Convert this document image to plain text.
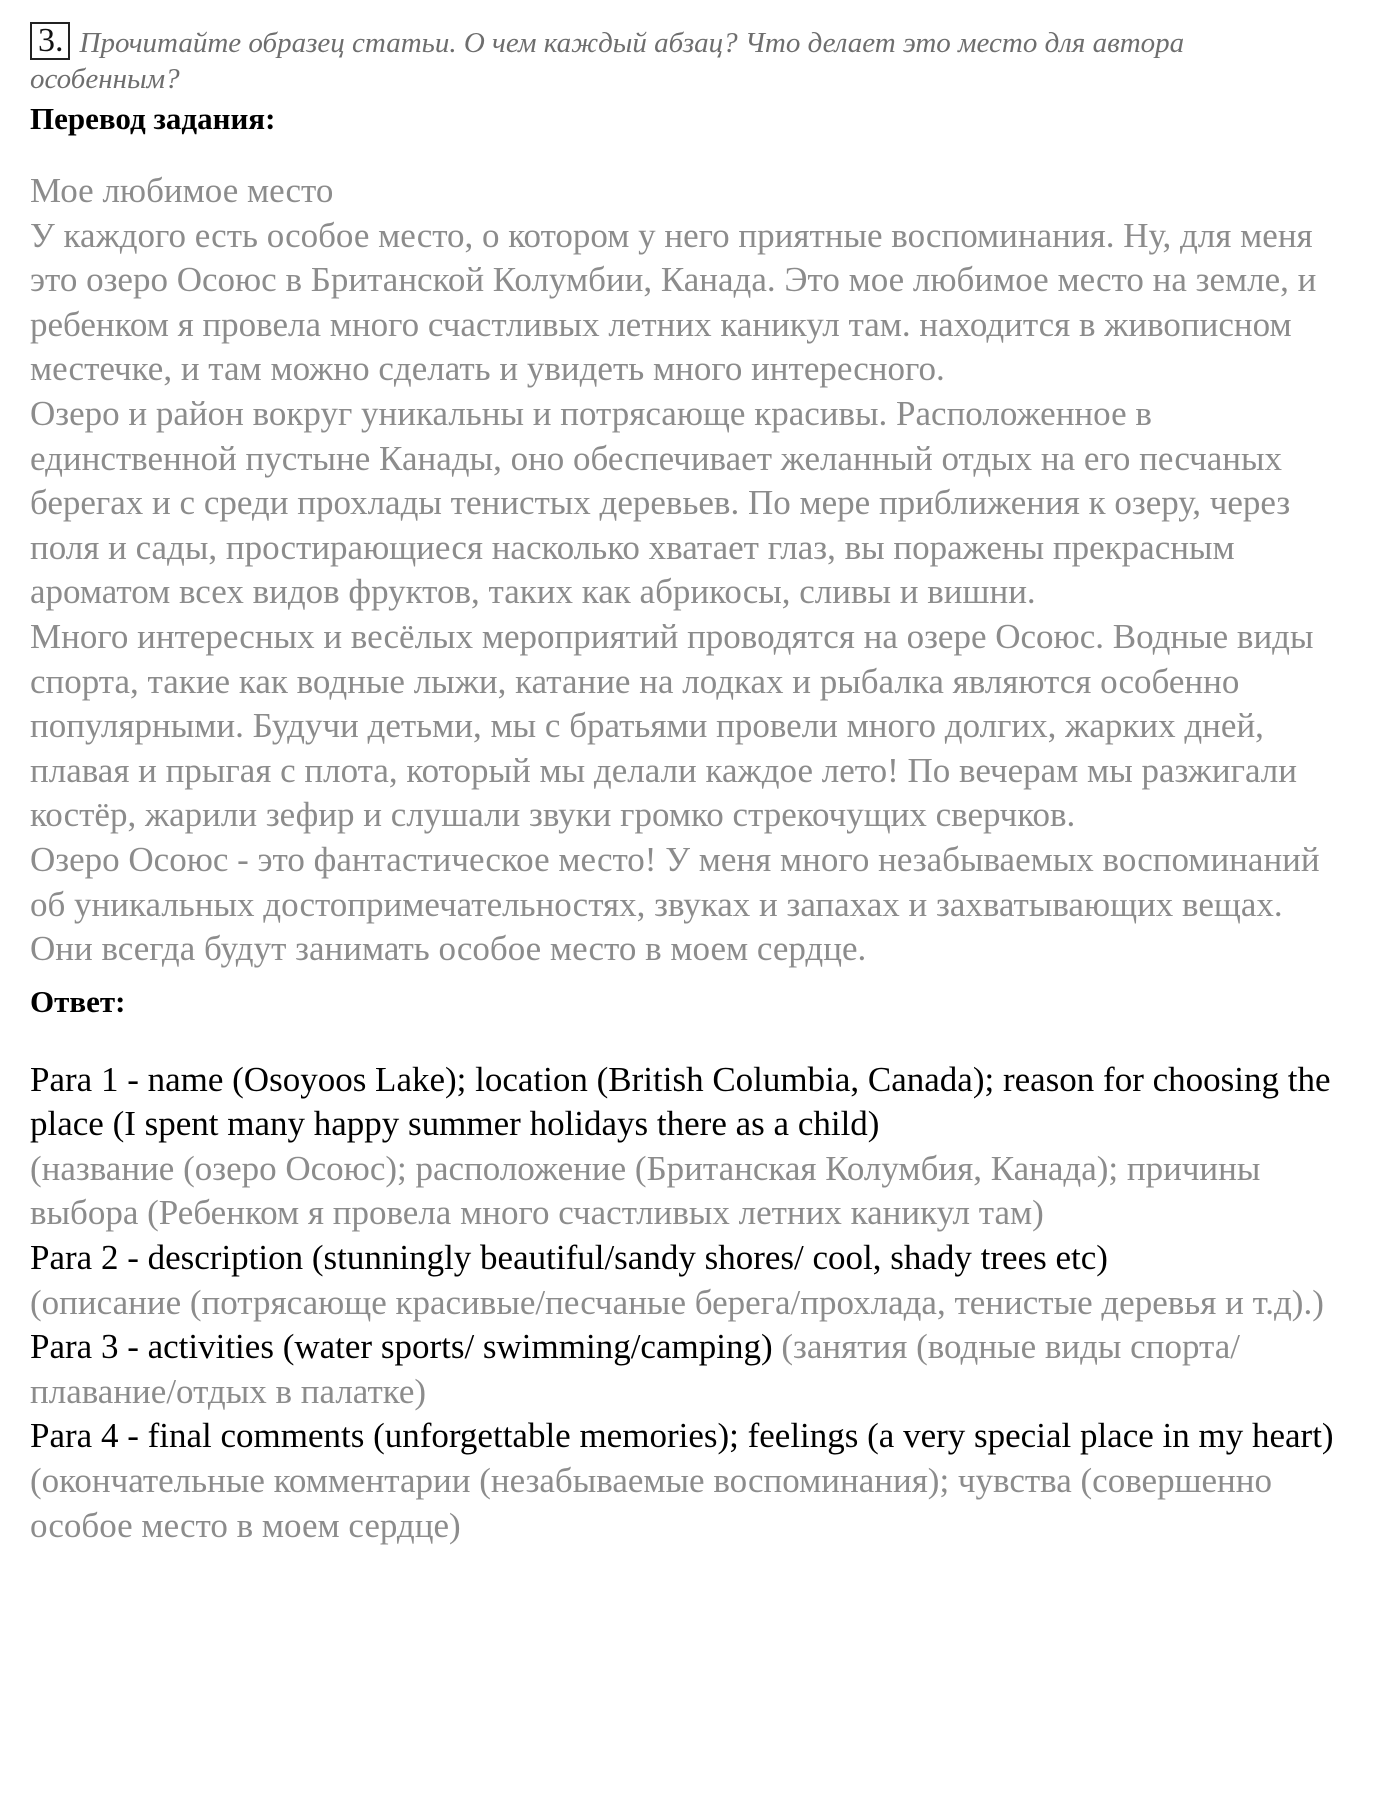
3. Прочитайте образец статьи. О чем каждый абзац? Что делает это место для автора особенным?

Перевод задания:

Мое любимое место

У каждого есть особое место, о котором у него приятные воспоминания. Ну, для меня это озеро Осоюс в Британской Колумбии, Канада. Это мое любимое место на земле, и ребенком я провела много счастливых летних каникул там. находится в живописном местечке, и там можно сделать и увидеть много интересного.

Озеро и район вокруг уникальны и потрясающе красивы. Расположенное в единственной пустыне Канады, оно обеспечивает желанный отдых на его песчаных берегах и с среди прохлады тенистых деревьев. По мере приближения к озеру, через поля и сады, простирающиеся насколько хватает глаз, вы поражены прекрасным ароматом всех видов фруктов, таких как абрикосы, сливы и вишни.

Много интересных и весёлых мероприятий проводятся на озере Осоюс. Водные виды спорта, такие как водные лыжи, катание на лодках и рыбалка являются особенно популярными. Будучи детьми, мы с братьями провели много долгих, жарких дней, плавая и прыгая с плота, который мы делали каждое лето! По вечерам мы разжигали костёр, жарили зефир и слушали звуки громко стрекочущих сверчков.

Озеро Осоюс - это фантастическое место! У меня много незабываемых воспоминаний об уникальных достопримечательностях, звуках и запахах и захватывающих вещах. Они всегда будут занимать особое место в моем сердце.

Ответ:

Para 1 - name (Osoyoos Lake); location (British Columbia, Canada); reason for choosing the place (I spent many happy summer holidays there as a child)
(название (озеро Осоюс); расположение (Британская Колумбия, Канада); причины выбора (Ребенком я провела много счастливых летних каникул там)

Para 2 - description (stunningly beautiful/sandy shores/ cool, shady trees etc)
(описание (потрясающе красивые/песчаные берега/прохлада, тенистые деревья и т.д).)

Para 3 - activities (water sports/ swimming/camping) (занятия (водные виды спорта/плавание/отдых в палатке)

Para 4 - final comments (unforgettable memories); feelings (a very special place in my heart) (окончательные комментарии (незабываемые воспоминания); чувства (совершенно особое место в моем сердце)
